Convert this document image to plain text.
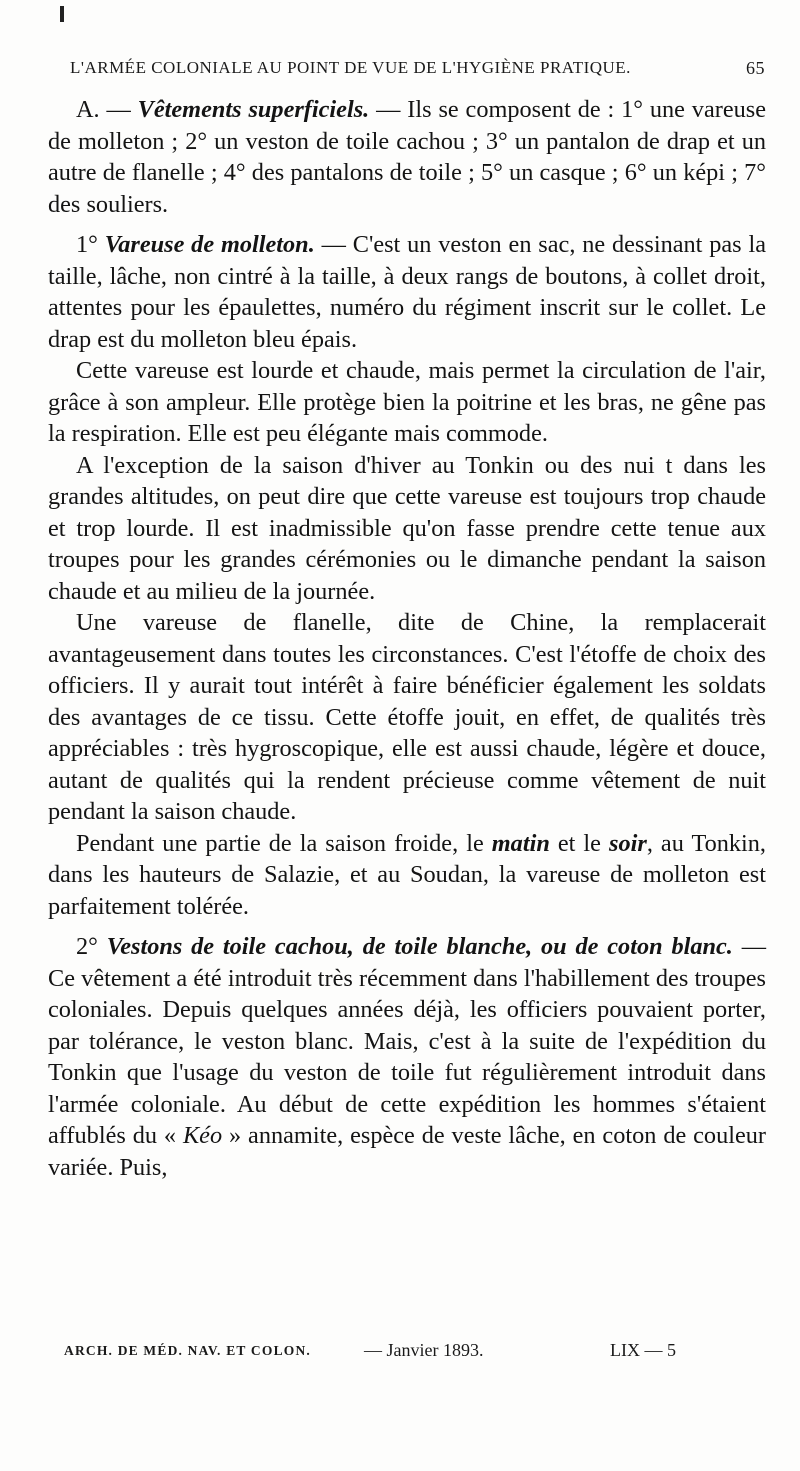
L'ARMÉE COLONIALE AU POINT DE VUE DE L'HYGIÈNE PRATIQUE.	65

A. — Vêtements superficiels. — Ils se composent de : 1° une vareuse de molleton ; 2° un veston de toile cachou ; 3° un pantalon de drap et un autre de flanelle ; 4° des pantalons de toile ; 5° un casque ; 6° un képi ; 7° des souliers.

1° Vareuse de molleton. — C'est un veston en sac, ne dessinant pas la taille, lâche, non cintré à la taille, à deux rangs de boutons, à collet droit, attentes pour les épaulettes, numéro du régiment inscrit sur le collet. Le drap est du molleton bleu épais.

Cette vareuse est lourde et chaude, mais permet la circulation de l'air, grâce à son ampleur. Elle protège bien la poitrine et les bras, ne gêne pas la respiration. Elle est peu élégante mais commode.

A l'exception de la saison d'hiver au Tonkin ou des nui t dans les grandes altitudes, on peut dire que cette vareuse est toujours trop chaude et trop lourde. Il est inadmissible qu'on fasse prendre cette tenue aux troupes pour les grandes cérémonies ou le dimanche pendant la saison chaude et au milieu de la journée.

Une vareuse de flanelle, dite de Chine, la remplacerait avantageusement dans toutes les circonstances. C'est l'étoffe de choix des officiers. Il y aurait tout intérêt à faire bénéficier également les soldats des avantages de ce tissu. Cette étoffe jouit, en effet, de qualités très appréciables : très hygroscopique, elle est aussi chaude, légère et douce, autant de qualités qui la rendent précieuse comme vêtement de nuit pendant la saison chaude.

Pendant une partie de la saison froide, le matin et le soir, au Tonkin, dans les hauteurs de Salazie, et au Soudan, la vareuse de molleton est parfaitement tolérée.

2° Vestons de toile cachou, de toile blanche, ou de coton blanc. — Ce vêtement a été introduit très récemment dans l'habillement des troupes coloniales. Depuis quelques années déjà, les officiers pouvaient porter, par tolérance, le veston blanc. Mais, c'est à la suite de l'expédition du Tonkin que l'usage du veston de toile fut régulièrement introduit dans l'armée coloniale. Au début de cette expédition les hommes s'étaient affublés du « Kéo » annamite, espèce de veste lâche, en coton de couleur variée. Puis,

ARCH. DE MÉD. NAV. ET COLON.	— Janvier 1893.	LIX — 5
